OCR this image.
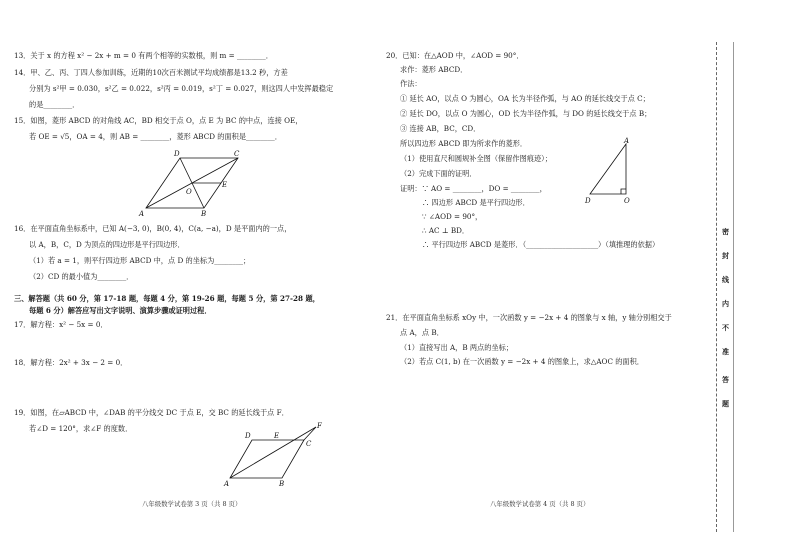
13．关于 x 的方程 x² − 2x + m = 0 有两个相等的实数根，则 m = ________．
14．甲、乙、丙、丁四人参加训练，近期的10次百米测试平均成绩都是13.2 秒，方差
分别为 s²甲 = 0.030，s²乙 = 0.022，s²丙 = 0.019，s²丁 = 0.027，则这四人中发挥最稳定
的是________．
15．如图，菱形 ABCD 的对角线 AC，BD 相交于点 O，点 E 为 BC 的中点，连接 OE，
若 OE = √5，OA = 4，则 AB = ________，菱形 ABCD 的面积是________．
A	B
C
D
O
E
16．在平面直角坐标系中，已知 A(−3, 0)，B(0, 4)，C(a, −a)，D 是平面内的一点，
以 A，B，C，D 为顶点的四边形是平行四边形．
（1）若 a = 1，则平行四边形 ABCD 中，点 D 的坐标为________；
（2）CD 的最小值为________．
三、解答题（共 60 分，第 17-18 题，每题 4 分，第 19-26 题，每题 5 分，第 27-28 题，
每题 6 分）解答应写出文字说明、演算步骤或证明过程．
17．解方程：x² − 5x = 0．
18．解方程：2x² + 3x − 2 = 0．
19．如图，在▱ABCD 中，∠DAB 的平分线交 DC 于点 E，交 BC 的延长线于点 F．
若∠D = 120°，求∠F 的度数．
A	B
C
D	E
F
八年级数学试卷第 3 页（共 8 页）
20．已知：在△AOD 中，∠AOD = 90°．
求作：菱形 ABCD．
作法：
① 延长 AO，以点 O 为圆心，OA 长为半径作弧，与 AO 的延长线交于点 C；
② 延长 DO，以点 O 为圆心，OD 长为半径作弧，与 DO 的延长线交于点 B；
③ 连接 AB，BC，CD．
所以四边形 ABCD 即为所求作的菱形．
（1）使用直尺和圆规补全图（保留作图痕迹）；
（2）完成下面的证明．
证明：∵ AO = ________，DO = ________，
∴ 四边形 ABCD 是平行四边形．
∵ ∠AOD = 90°，
∴ AC ⊥ BD．
∴ 平行四边形 ABCD 是菱形．（____________________）（填推理的依据）
A
D	O
21．在平面直角坐标系 xOy 中，一次函数 y = −2x + 4 的图象与 x 轴，y 轴分别相交于
点 A，点 B．
（1）直接写出 A，B 两点的坐标；
（2）若点 C(1, b) 在一次函数 y = −2x + 4 的图象上，求△AOC 的面积．
八年级数学试卷第 4 页（共 8 页）
密
封
线
内
不
准
答
题
